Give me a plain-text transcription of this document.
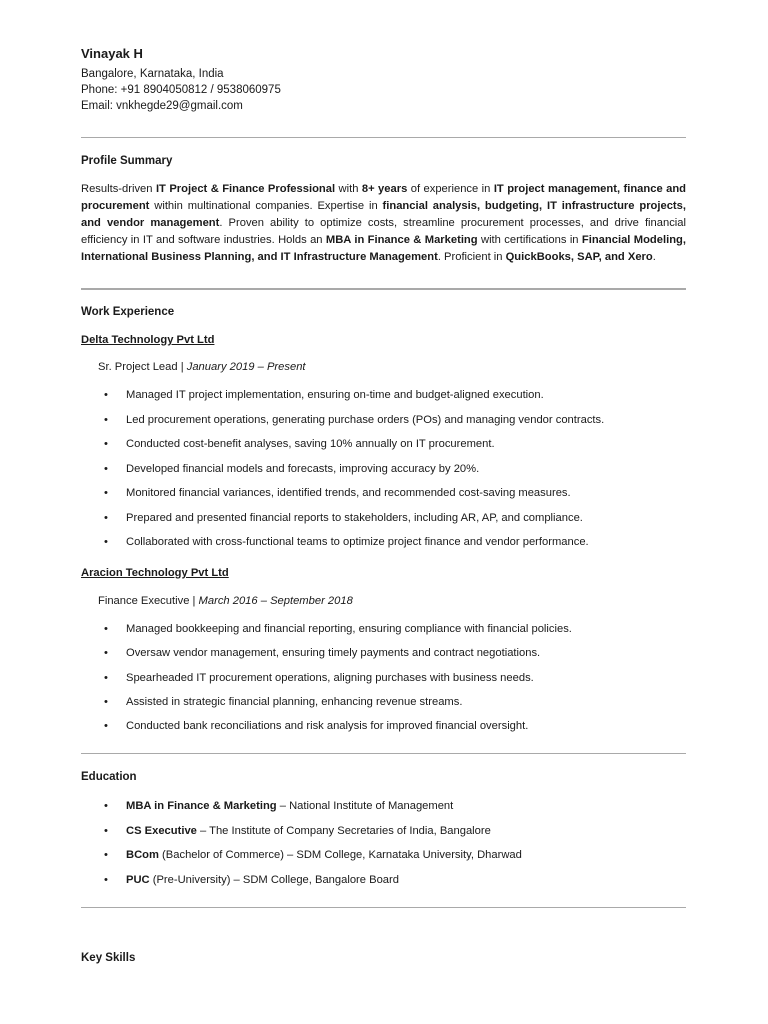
Vinayak H
Bangalore, Karnataka, India
Phone: +91 8904050812 / 9538060975
Email: vnkhegde29@gmail.com
Profile Summary
Results-driven IT Project & Finance Professional with 8+ years of experience in IT project management, finance and procurement within multinational companies. Expertise in financial analysis, budgeting, IT infrastructure projects, and vendor management. Proven ability to optimize costs, streamline procurement processes, and drive financial efficiency in IT and software industries. Holds an MBA in Finance & Marketing with certifications in Financial Modeling, International Business Planning, and IT Infrastructure Management. Proficient in QuickBooks, SAP, and Xero.
Work Experience
Delta Technology Pvt Ltd
Sr. Project Lead | January 2019 – Present
• Managed IT project implementation, ensuring on-time and budget-aligned execution.
• Led procurement operations, generating purchase orders (POs) and managing vendor contracts.
• Conducted cost-benefit analyses, saving 10% annually on IT procurement.
• Developed financial models and forecasts, improving accuracy by 20%.
• Monitored financial variances, identified trends, and recommended cost-saving measures.
• Prepared and presented financial reports to stakeholders, including AR, AP, and compliance.
• Collaborated with cross-functional teams to optimize project finance and vendor performance.
Aracion Technology Pvt Ltd
Finance Executive | March 2016 – September 2018
• Managed bookkeeping and financial reporting, ensuring compliance with financial policies.
• Oversaw vendor management, ensuring timely payments and contract negotiations.
• Spearheaded IT procurement operations, aligning purchases with business needs.
• Assisted in strategic financial planning, enhancing revenue streams.
• Conducted bank reconciliations and risk analysis for improved financial oversight.
Education
• MBA in Finance & Marketing – National Institute of Management
• CS Executive – The Institute of Company Secretaries of India, Bangalore
• BCom (Bachelor of Commerce) – SDM College, Karnataka University, Dharwad
• PUC (Pre-University) – SDM College, Bangalore Board
Key Skills
